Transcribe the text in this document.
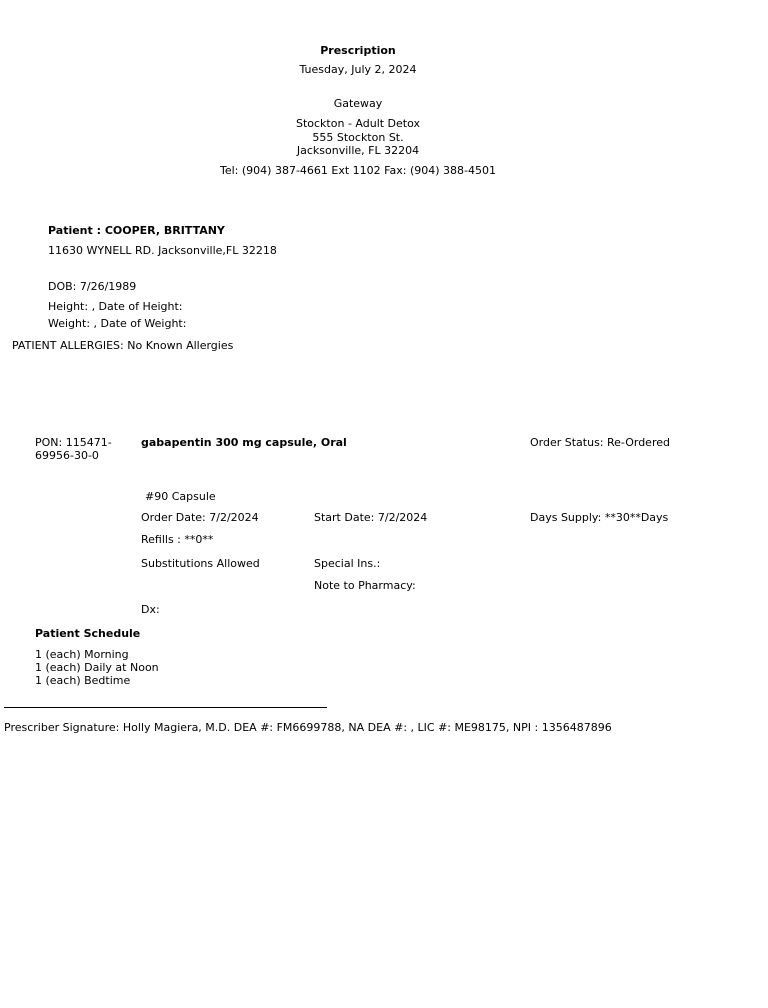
Prescription
Tuesday, July 2, 2024
Gateway
Stockton - Adult Detox
555 Stockton St.
Jacksonville, FL 32204
Tel: (904) 387-4661 Ext 1102 Fax: (904) 388-4501
Patient : COOPER, BRITTANY
11630 WYNELL RD. Jacksonville,FL 32218
DOB: 7/26/1989
Height: , Date of Height:
Weight: , Date of Weight:
PATIENT ALLERGIES: No Known Allergies
PON: 115471-
69956-30-0
gabapentin 300 mg capsule, Oral	Order Status: Re-Ordered
#90 Capsule
Order Date: 7/2/2024	Start Date: 7/2/2024	Days Supply: **30**Days
Refills : **0**
Substitutions Allowed	Special Ins.:
Note to Pharmacy:
Dx:
Patient Schedule
1 (each) Morning
1 (each) Daily at Noon
1 (each) Bedtime
Prescriber Signature: Holly Magiera, M.D. DEA #: FM6699788, NA DEA #: , LIC #: ME98175, NPI : 1356487896
